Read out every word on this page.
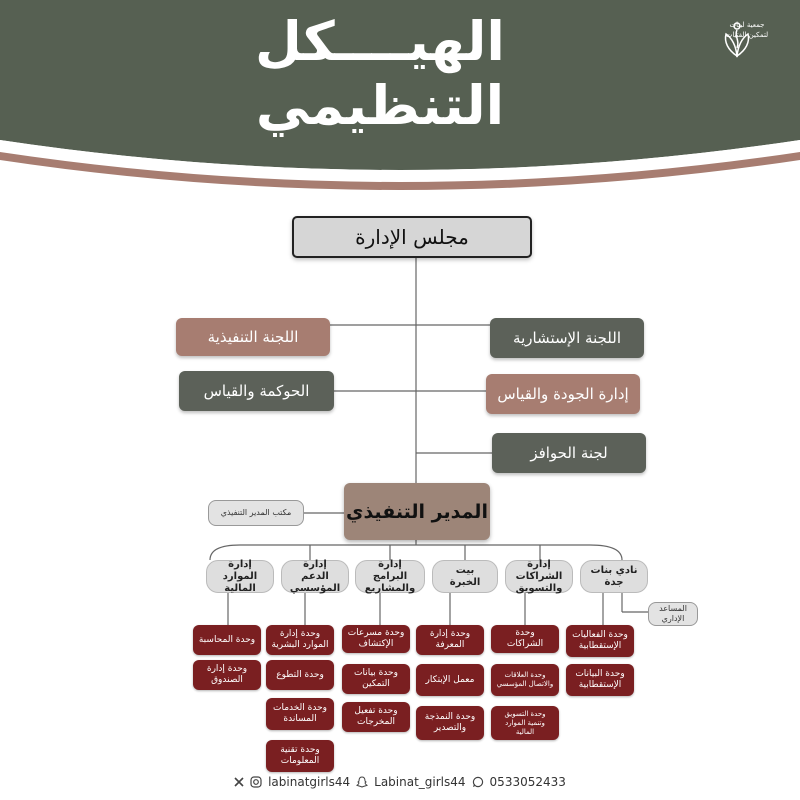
الهيــــكل
التنظيمي
جمعية لبنات
لتمكين الفتيات
مجلس الإدارة
اللجنة التنفيذية	اللجنة الإستشارية
الحوكمة والقياس	إدارة الجودة والقياس
لجنة الحوافز
المدير التنفيذي
مكتب المدير التنفيذي
المساعد الإداري
نادي بنات جدة
إدارة الشراكات والتسويق
بيت الخبرة
إدارة البرامج والمشاريع
إدارة الدعم المؤسسي
إدارة الموارد المالية
وحدة الفعاليات الإستقطابية
وحدة البيانات الإستقطابية
وحدة الشراكات
وحدة العلاقات والاتصال المؤسسي
وحدة التسويق وتنمية الموارد المالية
وحدة إدارة المعرفة
معمل الإبتكار
وحدة النمذجة والتصدير
وحدة مسرعات الإكتشاف
وحدة بيانات التمكين
وحدة تفعيل المخرجات
وحدة إدارة الموارد البشرية
وحدة التطوع
وحدة الخدمات المساندة
وحدة تقنية المعلومات
وحدة المحاسبة
وحدة إدارة الصندوق
labinatgirls44 Labinat_girls44 0533052433
